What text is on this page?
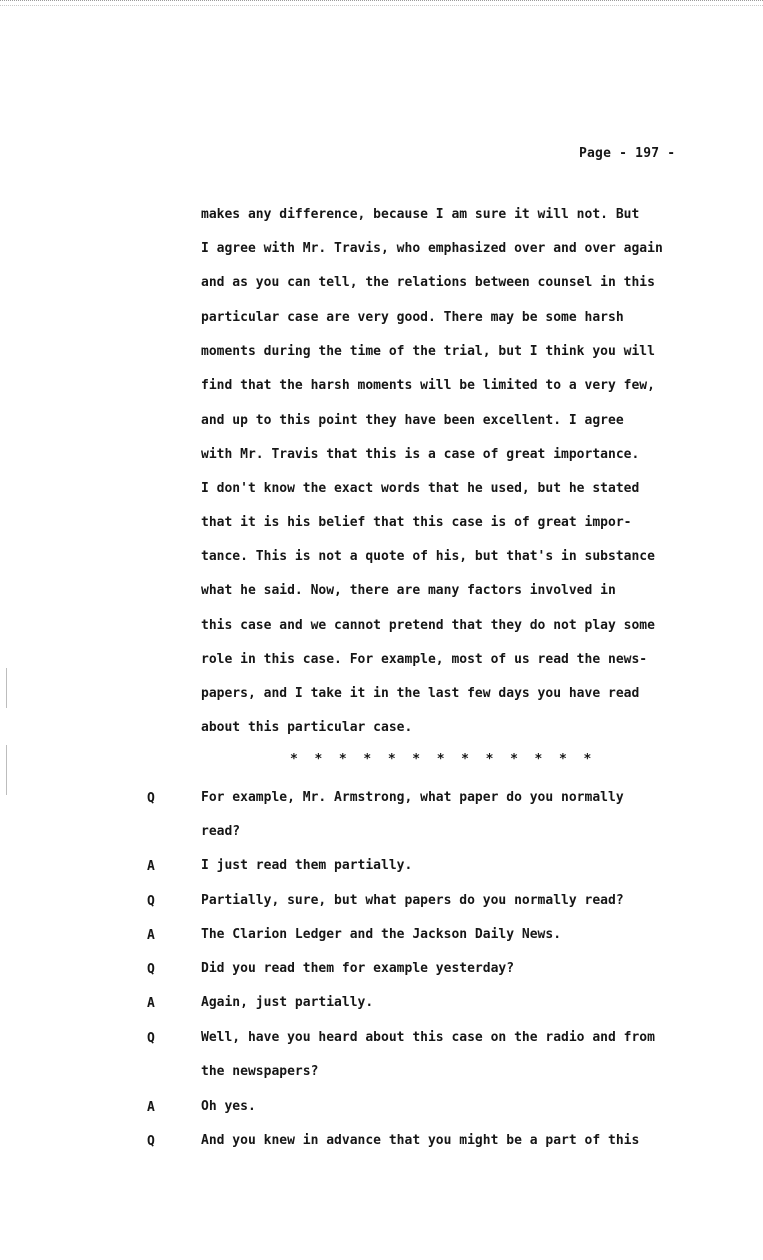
Page - 197 -
makes any difference, because I am sure it will not. But
I agree with Mr. Travis, who emphasized over and over again
and as you can tell, the relations between counsel in this
particular case are very good. There may be some harsh
moments during the time of the trial, but I think you will
find that the harsh moments will be limited to a very few,
and up to this point they have been excellent. I agree
with Mr. Travis that this is a case of great importance.
I don't know the exact words that he used, but he stated
that it is his belief that this case is of great impor-
tance. This is not a quote of his, but that's in substance
what he said. Now, there are many factors involved in
this case and we cannot pretend that they do not play some
role in this case. For example, most of us read the news-
papers, and I take it in the last few days you have read
about this particular case.
* * * * * * * * * * * * *
Q	For example, Mr. Armstrong, what paper do you normally
read?
A	I just read them partially.
Q	Partially, sure, but what papers do you normally read?
A	The Clarion Ledger and the Jackson Daily News.
Q	Did you read them for example yesterday?
A	Again, just partially.
Q	Well, have you heard about this case on the radio and from
the newspapers?
A	Oh yes.
Q	And you knew in advance that you might be a part of this
